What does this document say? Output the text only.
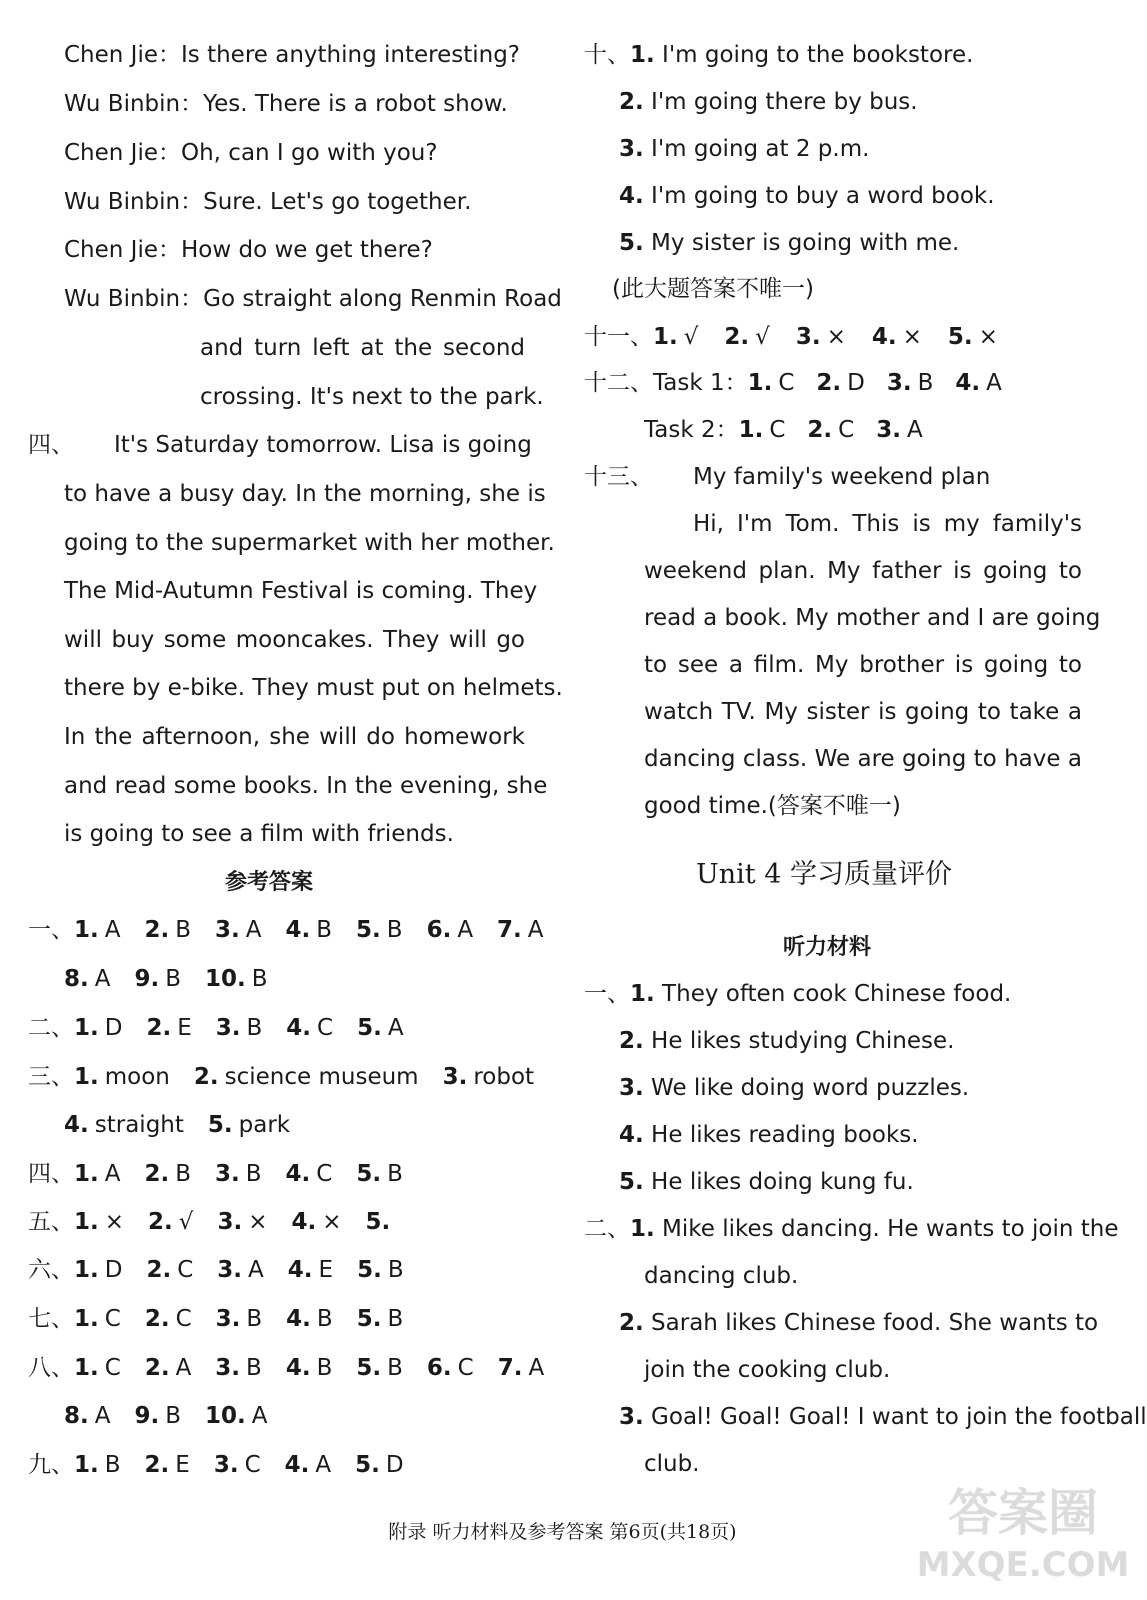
Chen Jie：Is there anything interesting?
Wu Binbin：Yes. There is a robot show.
Chen Jie：Oh, can I go with you?
Wu Binbin：Sure. Let's go together.
Chen Jie：How do we get there?
Wu Binbin：Go straight along Renmin Road
and turn left at the second
crossing. It's next to the park.
四、 It's Saturday tomorrow. Lisa is going
to have a busy day. In the morning, she is
going to the supermarket with her mother.
The Mid-Autumn Festival is coming. They
will buy some mooncakes. They will go
there by e-bike. They must put on helmets.
In the afternoon, she will do homework
and read some books. In the evening, she
is going to see a film with friends.
参考答案
一、1. A 2. B 3. A 4. B 5. B 6. A 7. A
8. A 9. B 10. B
二、1. D 2. E 3. B 4. C 5. A
三、1. moon 2. science museum 3. robot
4. straight 5. park
四、1. A 2. B 3. B 4. C 5. B
五、1. × 2. √ 3. × 4. × 5.
六、1. D 2. C 3. A 4. E 5. B
七、1. C 2. C 3. B 4. B 5. B
八、1. C 2. A 3. B 4. B 5. B 6. C 7. A
8. A 9. B 10. A
九、1. B 2. E 3. C 4. A 5. D
十、1. I'm going to the bookstore.
2. I'm going there by bus.
3. I'm going at 2 p.m.
4. I'm going to buy a word book.
5. My sister is going with me.
(此大题答案不唯一)
十一、1. √ 2. √ 3. × 4. × 5. ×
十二、Task 1：1. C 2. D 3. B 4. A
Task 2：1. C 2. C 3. A
十三、 My family's weekend plan
Hi, I'm Tom. This is my family's
weekend plan. My father is going to
read a book. My mother and I are going
to see a film. My brother is going to
watch TV. My sister is going to take a
dancing class. We are going to have a
good time.(答案不唯一)
Unit 4 学习质量评价
听力材料
一、1. They often cook Chinese food.
2. He likes studying Chinese.
3. We like doing word puzzles.
4. He likes reading books.
5. He likes doing kung fu.
二、1. Mike likes dancing. He wants to join the
dancing club.
2. Sarah likes Chinese food. She wants to
join the cooking club.
3. Goal! Goal! Goal! I want to join the football
club.
附录 听力材料及参考答案 第6页(共18页)	答案圈
MXQE.COM
